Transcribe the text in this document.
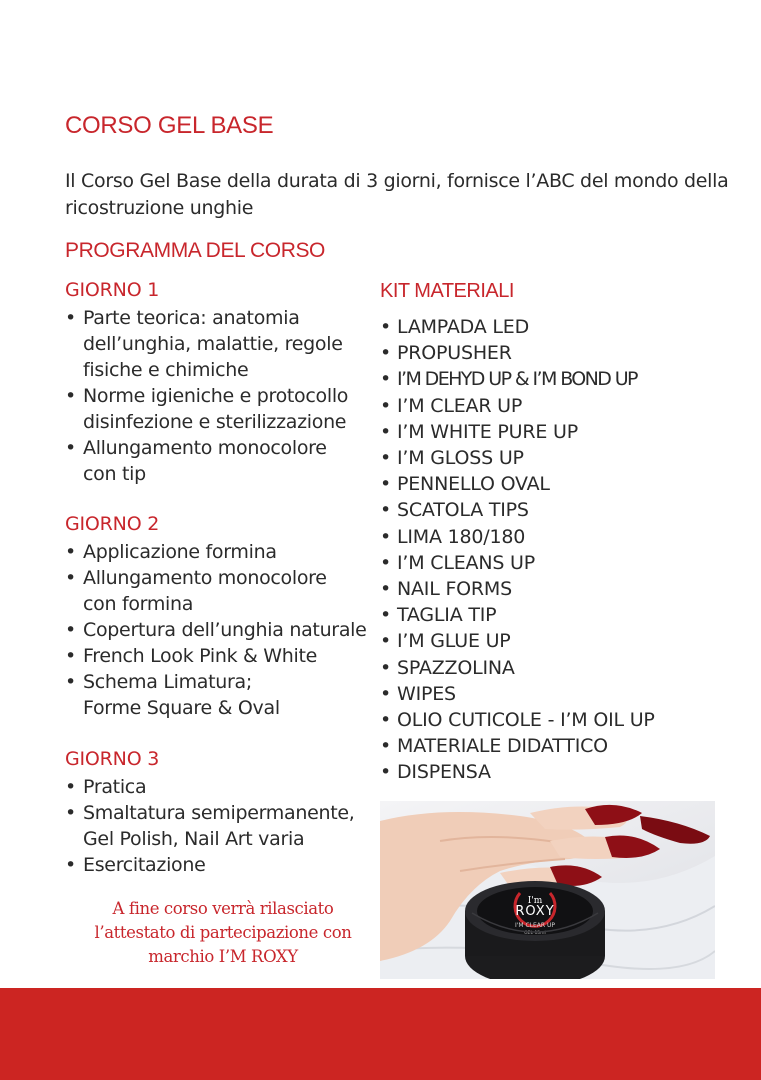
CORSO GEL BASE
Il Corso Gel Base della durata di 3 giorni, fornisce l’ABC del mondo della ricostruzione unghie
PROGRAMMA DEL CORSO
GIORNO 1
• Parte teorica: anatomia
dell’unghia, malattie, regole
fisiche e chimiche
• Norme igieniche e protocollo
disinfezione e sterilizzazione
• Allungamento monocolore
con tip
GIORNO 2
• Applicazione formina
• Allungamento monocolore
con formina
• Copertura dell’unghia naturale
• French Look Pink & White
• Schema Limatura;
Forme Square & Oval
GIORNO 3
• Pratica
• Smaltatura semipermanente,
Gel Polish, Nail Art varia
• Esercitazione
KIT MATERIALI
• LAMPADA LED
• PROPUSHER
• I’M DEHYD UP & I’M BOND UP
• I’M CLEAR UP
• I’M WHITE PURE UP
• I’M GLOSS UP
• PENNELLO OVAL
• SCATOLA TIPS
• LIMA 180/180
• I’M CLEANS UP
• NAIL FORMS
• TAGLIA TIP
• I’M GLUE UP
• SPAZZOLINA
• WIPES
• OLIO CUTICOLE - I’M OIL UP
• MATERIALE DIDATTICO
• DISPENSA
A fine corso verrà rilasciato l’attestato di partecipazione con marchio I’M ROXY
I'm
ROXY
I'M CLEAR UP
GEL 15ml
